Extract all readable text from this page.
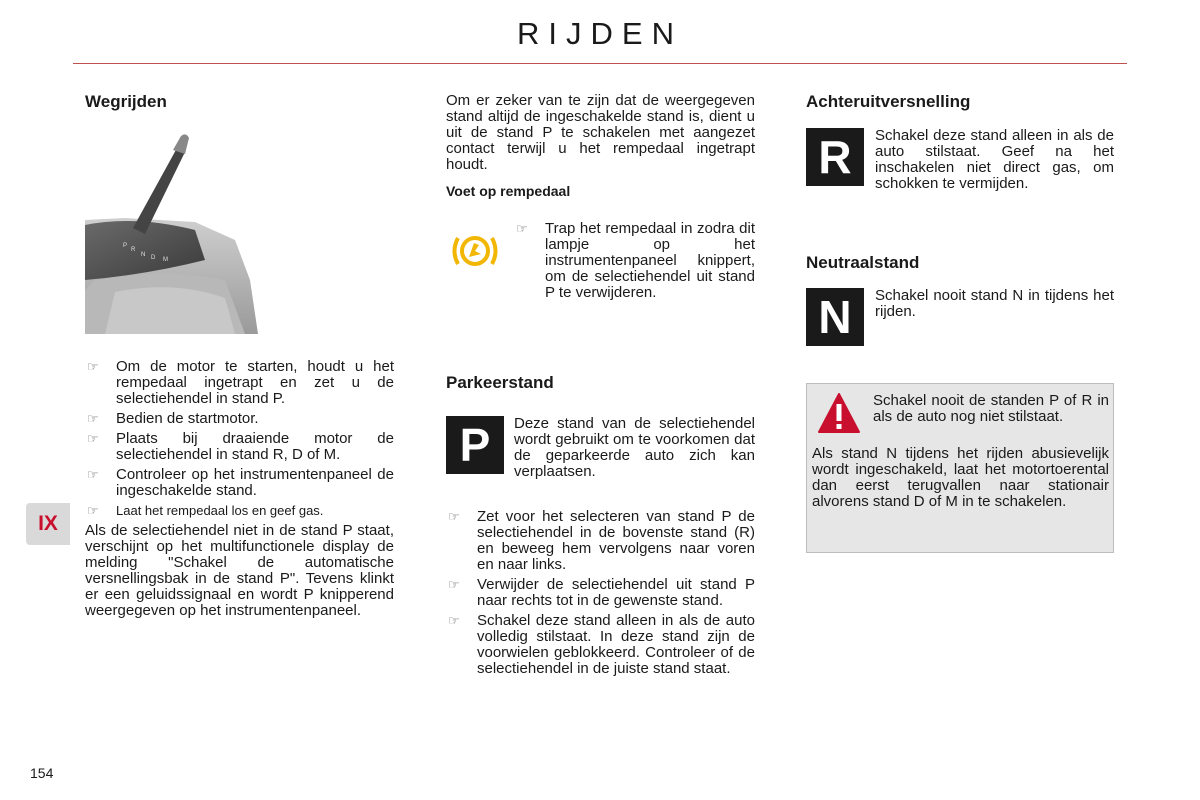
RIJDEN
IX
154
Wegrijden
P
R
N D M
☞ Om de motor te starten, houdt u het rempedaal ingetrapt en zet u de selectiehendel in stand P.
☞ Bedien de startmotor.
☞ Plaats bij draaiende motor de selectiehendel in stand R, D of M.
☞ Controleer op het instrumentenpaneel de ingeschakelde stand.
☞ Laat het rempedaal los en geef gas.

Als de selectiehendel niet in de stand P staat, verschijnt op het multifunctionele display de melding "Schakel de automatische versnellingsbak in de stand P". Tevens klinkt er een geluidssignaal en wordt P knipperend weergegeven op het instrumentenpaneel.

Om er zeker van te zijn dat de weergegeven stand altijd de ingeschakelde stand is, dient u uit de stand P te schakelen met aangezet contact terwijl u het rempedaal ingetrapt houdt.

Voet op rempedaal
☞ Trap het rempedaal in zodra dit lampje op het instrumentenpaneel knippert, om de selectiehendel uit stand P te verwijderen.
Parkeerstand
P Deze stand van de selectiehendel wordt gebruikt om te voorkomen dat de geparkeerde auto zich kan verplaatsen.

☞ Zet voor het selecteren van stand P de selectiehendel in de bovenste stand (R) en beweeg hem vervolgens naar voren en naar links.
☞ Verwijder de selectiehendel uit stand P naar rechts tot in de gewenste stand.
☞ Schakel deze stand alleen in als de auto volledig stilstaat. In deze stand zijn de voorwielen geblokkeerd. Controleer of de selectiehendel in de juiste stand staat.
Achteruitversnelling
R Schakel deze stand alleen in als de auto stilstaat. Geef na het inschakelen niet direct gas, om schokken te vermijden.

Neutraalstand
N Schakel nooit stand N in tijdens het rijden.

Schakel nooit de standen P of R in als de auto nog niet stilstaat.

Als stand N tijdens het rijden abusievelijk wordt ingeschakeld, laat het motortoerental dan eerst terugvallen naar stationair alvorens stand D of M in te schakelen.
